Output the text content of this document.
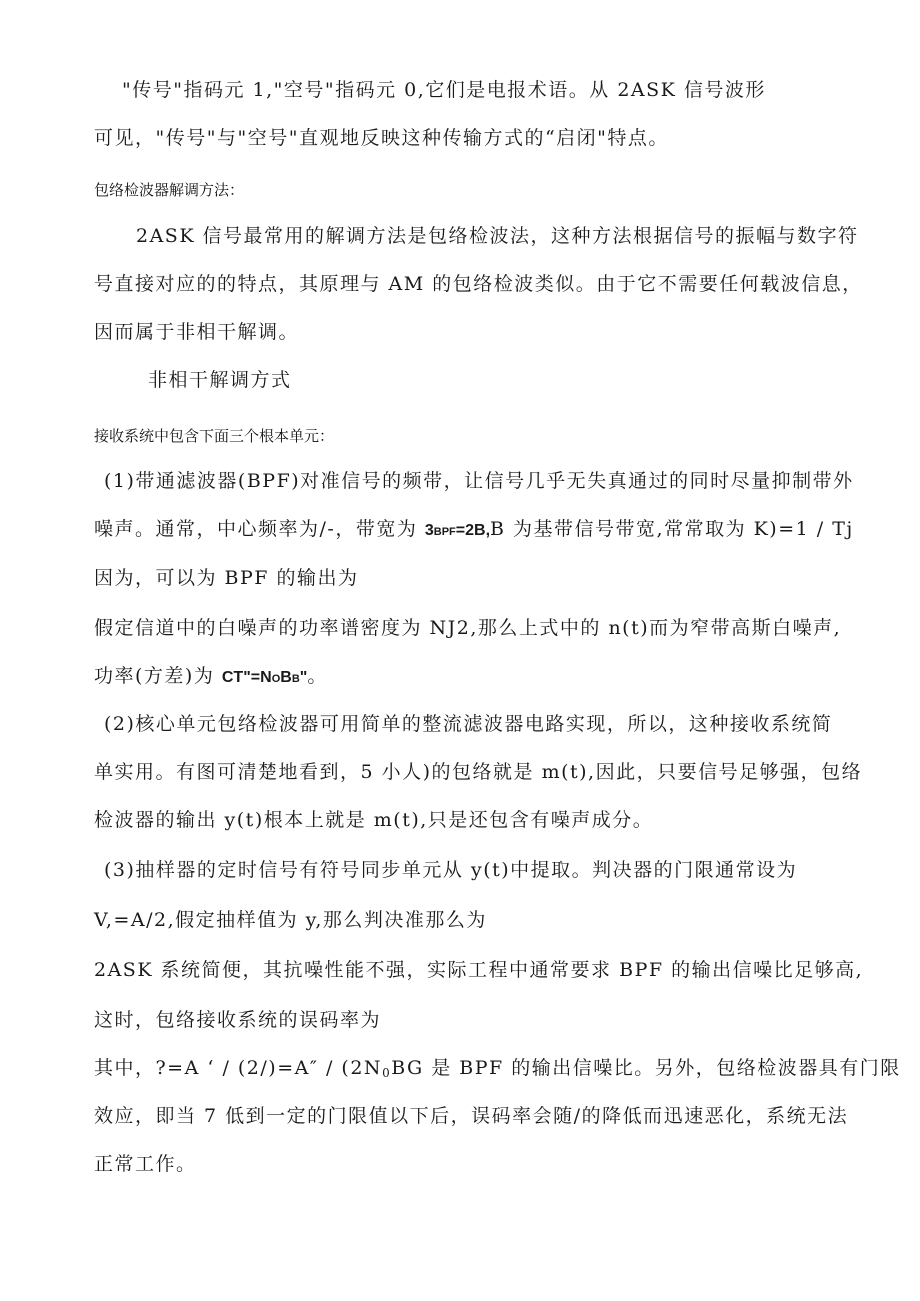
"传号"指码元 1,"空号"指码元 0,它们是电报术语。从 2ASK 信号波形
可见，"传号"与"空号"直观地反映这种传输方式的“启闭"特点。
包络检波器解调方法：
2ASK 信号最常用的解调方法是包络检波法，这种方法根据信号的振幅与数字符
号直接对应的的特点，其原理与 AM 的包络检波类似。由于它不需要任何载波信息，
因而属于非相干解调。
非相干解调方式
接收系统中包含下面三个根本单元：
(1)带通滤波器(BPF)对准信号的频带，让信号几乎无失真通过的同时尽量抑制带外
噪声。通常，中心频率为/-，带宽为 3BPF=2B,B 为基带信号带宽,常常取为 K)=1 / Tj
因为，可以为 BPF 的输出为
假定信道中的白噪声的功率谱密度为 NJ2,那么上式中的 n(t)而为窄带高斯白噪声,
功率(方差)为 CT"=NOBB"。
(2)核心单元包络检波器可用简单的整流滤波器电路实现，所以，这种接收系统简
单实用。有图可清楚地看到，5 小人)的包络就是 m(t),因此，只要信号足够强，包络
检波器的输出 y(t)根本上就是 m(t),只是还包含有噪声成分。
(3)抽样器的定时信号有符号同步单元从 y(t)中提取。判决器的门限通常设为
V,=A/2,假定抽样值为 y,那么判决准那么为
2ASK 系统简便，其抗噪性能不强，实际工程中通常要求 BPF 的输出信噪比足够高,
这时，包络接收系统的误码率为
其中，?=A ‘ / $(2/)=A'' / (2N_0BG$ 是 BPF 的输出信噪比。另外，包络检波器具有门限
效应，即当 7 低到一定的门限值以下后，误码率会随/的降低而迅速恶化，系统无法
正常工作。
